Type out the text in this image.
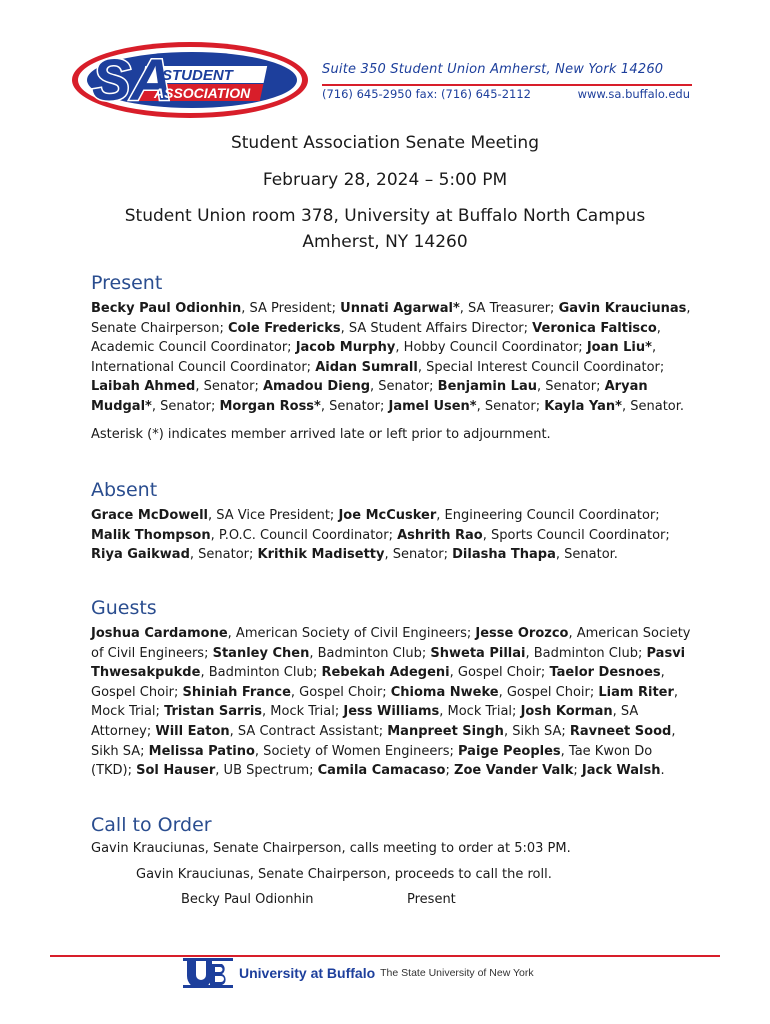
SA
STUDENT
ASSOCIATION
Suite 350 Student Union Amherst, New York 14260
(716) 645-2950 fax: (716) 645-2112	www.sa.buffalo.edu
Student Association Senate Meeting
February 28, 2024 – 5:00 PM
Student Union room 378, University at Buffalo North Campus
Amherst, NY 14260
Present

Becky Paul Odionhin, SA President; Unnati Agarwal*, SA Treasurer; Gavin Krauciunas, Senate Chairperson; Cole Fredericks, SA Student Affairs Director; Veronica Faltisco, Academic Council Coordinator; Jacob Murphy, Hobby Council Coordinator; Joan Liu*, International Council Coordinator; Aidan Sumrall, Special Interest Council Coordinator; Laibah Ahmed, Senator; Amadou Dieng, Senator; Benjamin Lau, Senator; Aryan Mudgal*, Senator; Morgan Ross*, Senator; Jamel Usen*, Senator; Kayla Yan*, Senator.

Asterisk (*) indicates member arrived late or left prior to adjournment.

Absent

Grace McDowell, SA Vice President; Joe McCusker, Engineering Council Coordinator; Malik Thompson, P.O.C. Council Coordinator; Ashrith Rao, Sports Council Coordinator; Riya Gaikwad, Senator; Krithik Madisetty, Senator; Dilasha Thapa, Senator.

Guests

Joshua Cardamone, American Society of Civil Engineers; Jesse Orozco, American Society of Civil Engineers; Stanley Chen, Badminton Club; Shweta Pillai, Badminton Club; Pasvi Thwesakpukde, Badminton Club; Rebekah Adegeni, Gospel Choir; Taelor Desnoes, Gospel Choir; Shiniah France, Gospel Choir; Chioma Nweke, Gospel Choir; Liam Riter, Mock Trial; Tristan Sarris, Mock Trial; Jess Williams, Mock Trial; Josh Korman, SA Attorney; Will Eaton, SA Contract Assistant; Manpreet Singh, Sikh SA; Ravneet Sood, Sikh SA; Melissa Patino, Society of Women Engineers; Paige Peoples, Tae Kwon Do (TKD); Sol Hauser, UB Spectrum; Camila Camacaso; Zoe Vander Valk; Jack Walsh.

Call to Order

Gavin Krauciunas, Senate Chairperson, calls meeting to order at 5:03 PM.

Gavin Krauciunas, Senate Chairperson, proceeds to call the roll.

Becky Paul Odionhin	Present
University at Buffalo The State University of New York
